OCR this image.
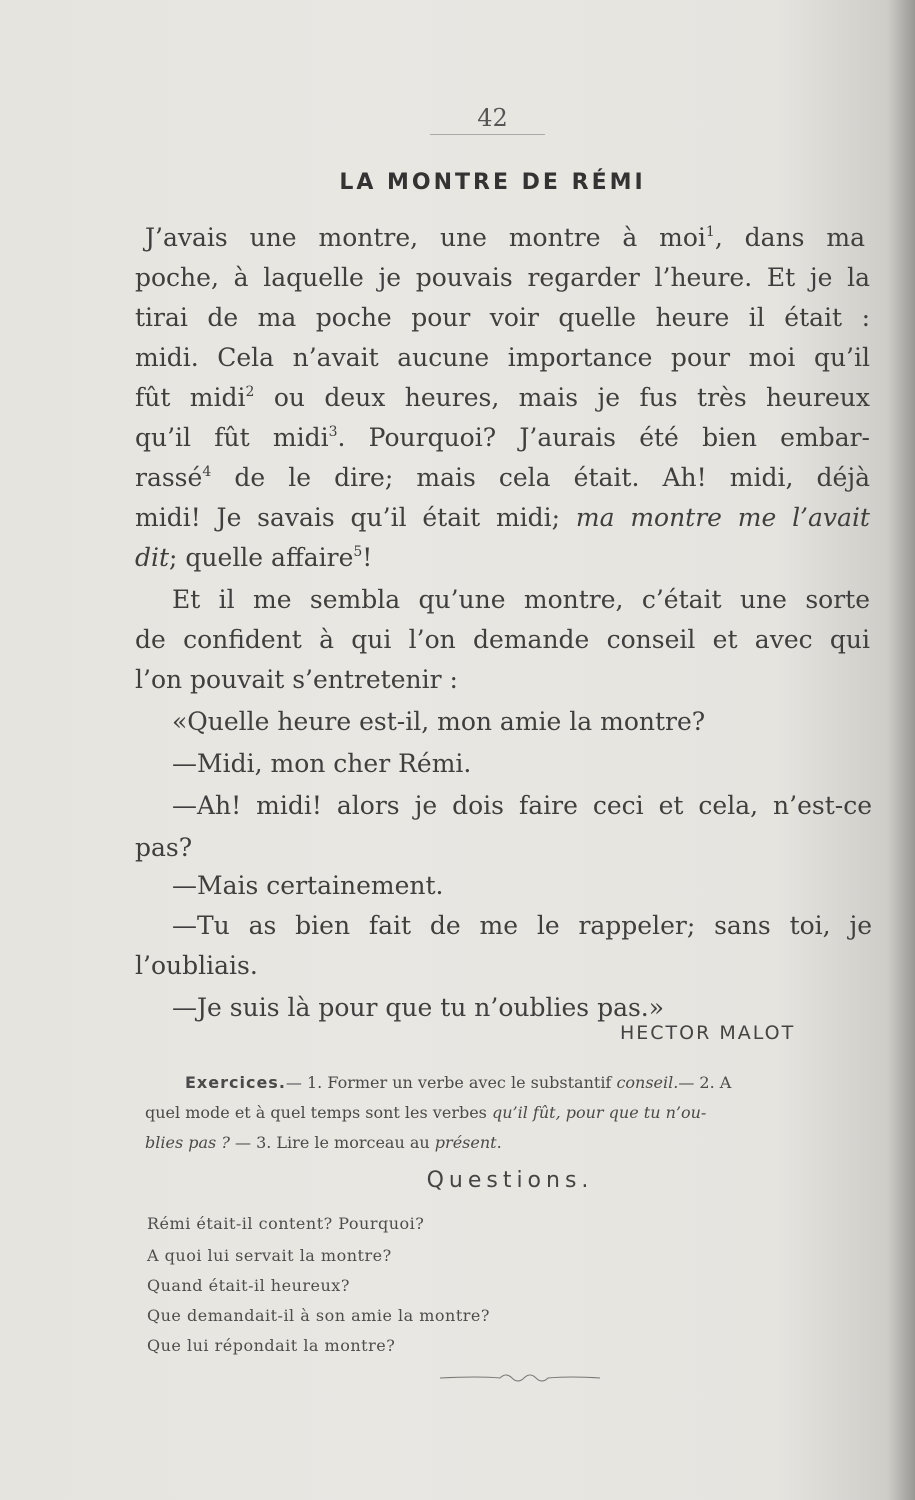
42
LA MONTRE DE RÉMI
J’avais une montre, une montre à moi$^1$, dans ma
poche, à laquelle je pouvais regarder l’heure. Et je la
tirai de ma poche pour voir quelle heure il était :
midi. Cela n’avait aucune importance pour moi qu’il
fût midi$^2$ ou deux heures, mais je fus très heureux
qu’il fût midi$^3$. Pourquoi? J’aurais été bien embar-
rassé$^4$ de le dire; mais cela était. Ah! midi, déjà
midi! Je savais qu’il était midi; ma montre me l’avait
dit; quelle affaire$^5$!
Et il me sembla qu’une montre, c’était une sorte
de confident à qui l’on demande conseil et avec qui
l’on pouvait s’entretenir :
«Quelle heure est-il, mon amie la montre?
—Midi, mon cher Rémi.
—Ah! midi! alors je dois faire ceci et cela, n’est-ce
pas?
—Mais certainement.
—Tu as bien fait de me le rappeler; sans toi, je
l’oubliais.
—Je suis là pour que tu n’oublies pas.»
HECTOR MALOT
Exercices.— 1. Former un verbe avec le substantif conseil.— 2. A
quel mode et à quel temps sont les verbes qu’il fût, pour que tu n’ou-
blies pas ? — 3. Lire le morceau au présent.
Questions.
Rémi était-il content? Pourquoi?
A quoi lui servait la montre?
Quand était-il heureux?
Que demandait-il à son amie la montre?
Que lui répondait la montre?
